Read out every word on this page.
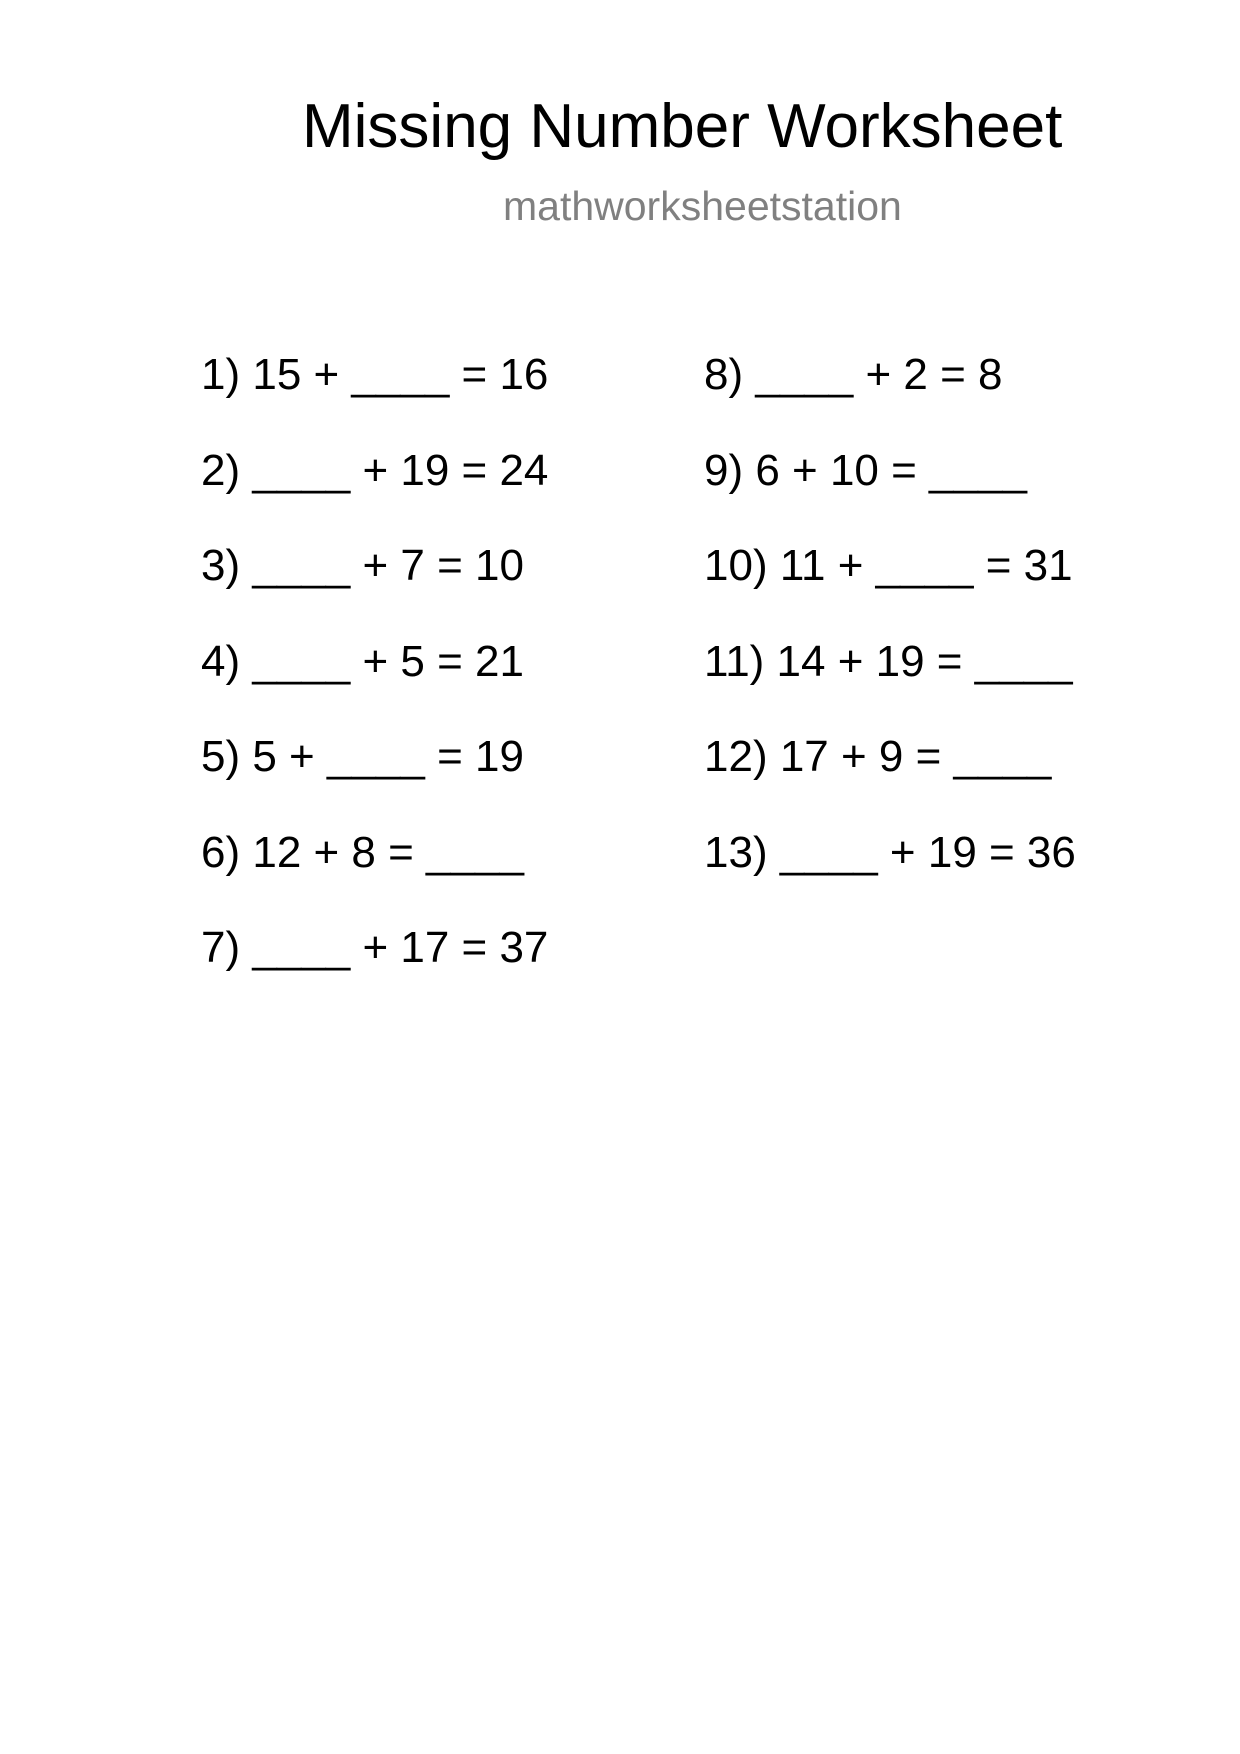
Missing Number Worksheet
mathworksheetstation
1) 15 + ____ = 16
2) ____ + 19 = 24
3) ____ + 7 = 10
4) ____ + 5 = 21
5) 5 + ____ = 19
6) 12 + 8 = ____
7) ____ + 17 = 37
8) ____ + 2 = 8
9) 6 + 10 = ____
10) 11 + ____ = 31
11) 14 + 19 = ____
12) 17 + 9 = ____
13) ____ + 19 = 36
